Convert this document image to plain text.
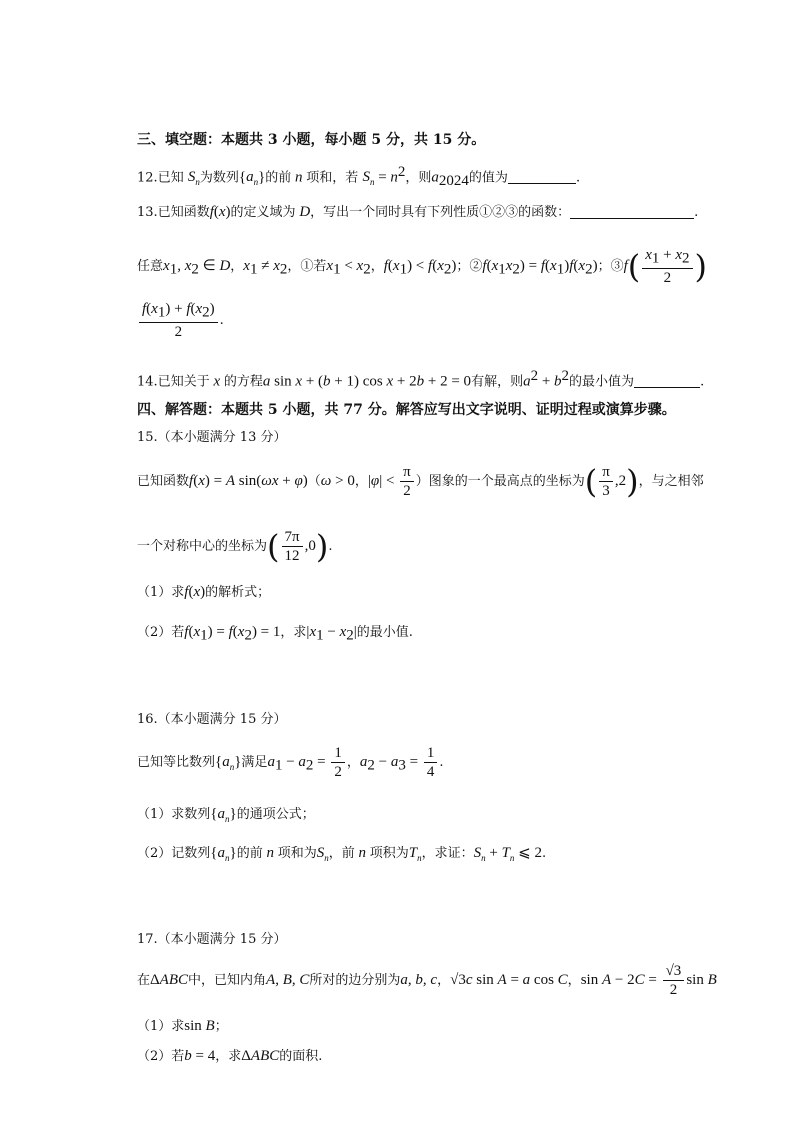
三、填空题：本题共 3 小题，每小题 5 分，共 15 分。
12.已知 $S_n$为数列$\{a_n\}$的前 n 项和，若 $S_n = n^2$，则$a_{2024}$的值为	.
13.已知函数f(x)的定义域为 D，写出一个同时具有下列性质①②③的函数：	.
任意$x_1$, $x_2$ ∈ D，$x_1 \ne x_2$，①若$x_1 < x_2$，$f(x_1) < f(x_2)$；$②f(x_1x_2) = f(x_1)f(x_2)$；③f( $\frac{x_1 + x_2}{2}$ )
$\frac{f(x_1) + f(x_2)}{2}$ .
14.已知关于 x 的方程a sin x + (b + 1) cos x + 2b + 2 = 0有解，则$a^2 + b^2$的最小值为	.
四、解答题：本题共 5 小题，共 77 分。解答应写出文字说明、证明过程或演算步骤。
15.（本小题满分 13 分）
已知函数f(x) = A sin(ωx + φ)（ω > 0，$|\varphi| < \frac{\pi}{2}$ ）图象的一个最高点的坐标为( $\frac{\pi}{3} ,2$)，与之相邻
一个对称中心的坐标为( $\frac{7\pi}{12} ,0$).
（1）求f(x)的解析式；
（2）若$f(x_1) = f(x_2) = 1$，求$|x_1 - x_2|$的最小值.
16.（本小题满分 15 分）
已知等比数列$\{a_n\}$满足$a_1 - a_2 = \frac{1}{2}$ ，$a_2 - a_3 = \frac{1}{4}$ .
（1）求数列$\{a_n\}$的通项公式；
（2）记数列$\{a_n\}$的前 n 项和为$S_n$，前 n 项积为$T_n$，求证：$S_n + T_n$ ⩽ 2.
17.（本小题满分 15 分）
在ΔABC中，已知内角A, B, C所对的边分别为a, b, c，√3c sin A = a cos C，$\sin A - 2C = \frac{√3}{2}$ sin B
（1）求sin B；
（2）若b = 4，求ΔABC的面积.
